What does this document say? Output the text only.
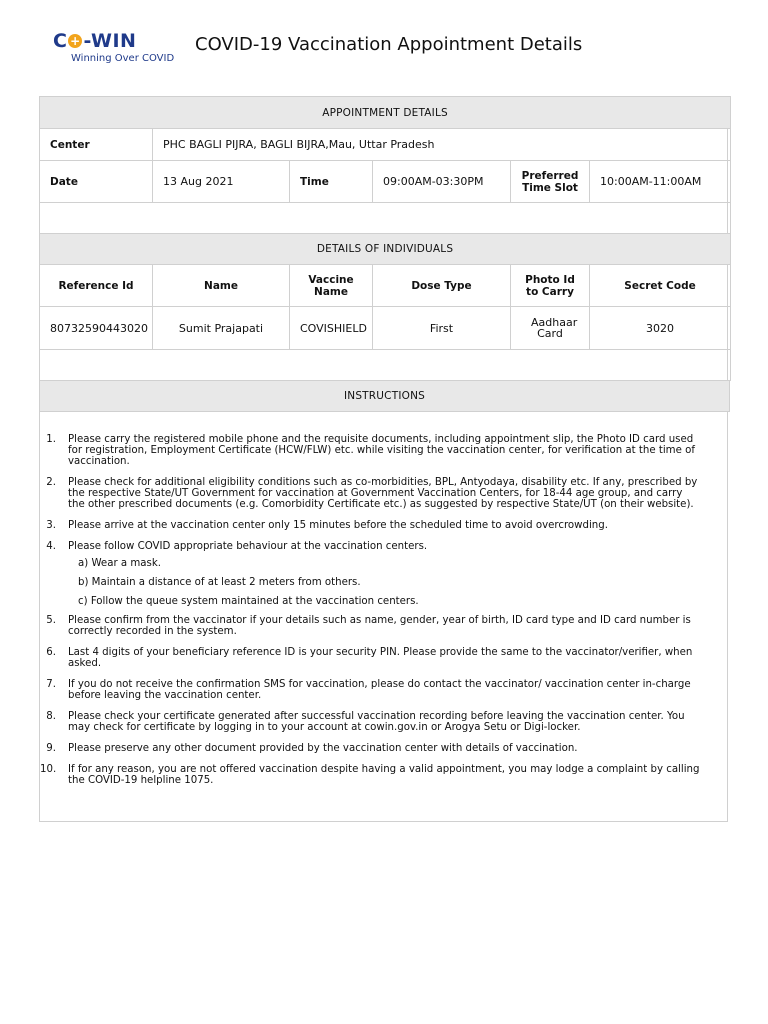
C + -WIN
Winning Over COVID
COVID-19 Vaccination Appointment Details
APPOINTMENT DETAILS					
Center	PHC BAGLI PIJRA, BAGLI BIJRA,Mau, Uttar Pradesh				
Date	13 Aug 2021	Time	09:00AM-03:30PM	Preferred Time Slot	10:00AM-11:00AM

DETAILS OF INDIVIDUALS					
Reference Id	Name	Vaccine Name	Dose Type	Photo Id to Carry	Secret Code
80732590443020	Sumit Prajapati	COVISHIELD	First	Aadhaar Card	3020

INSTRUCTIONS
1. Please carry the registered mobile phone and the requisite documents, including appointment slip, the Photo ID card used for registration, Employment Certificate (HCW/FLW) etc. while visiting the vaccination center, for verification at the time of vaccination.
2. Please check for additional eligibility conditions such as co-morbidities, BPL, Antyodaya, disability etc. If any, prescribed by the respective State/UT Government for vaccination at Government Vaccination Centers, for 18-44 age group, and carry the other prescribed documents (e.g. Comorbidity Certificate etc.) as suggested by respective State/UT (on their website).
3. Please arrive at the vaccination center only 15 minutes before the scheduled time to avoid overcrowding.
4. Please follow COVID appropriate behaviour at the vaccination centers.
a) Wear a mask.
b) Maintain a distance of at least 2 meters from others.
c) Follow the queue system maintained at the vaccination centers.
5. Please confirm from the vaccinator if your details such as name, gender, year of birth, ID card type and ID card number is correctly recorded in the system.
6. Last 4 digits of your beneficiary reference ID is your security PIN. Please provide the same to the vaccinator/verifier, when asked.
7. If you do not receive the confirmation SMS for vaccination, please do contact the vaccinator/ vaccination center in-charge before leaving the vaccination center.
8. Please check your certificate generated after successful vaccination recording before leaving the vaccination center. You may check for certificate by logging in to your account at cowin.gov.in or Arogya Setu or Digi-locker.
9. Please preserve any other document provided by the vaccination center with details of vaccination.
10. If for any reason, you are not offered vaccination despite having a valid appointment, you may lodge a complaint by calling the COVID-19 helpline 1075.
